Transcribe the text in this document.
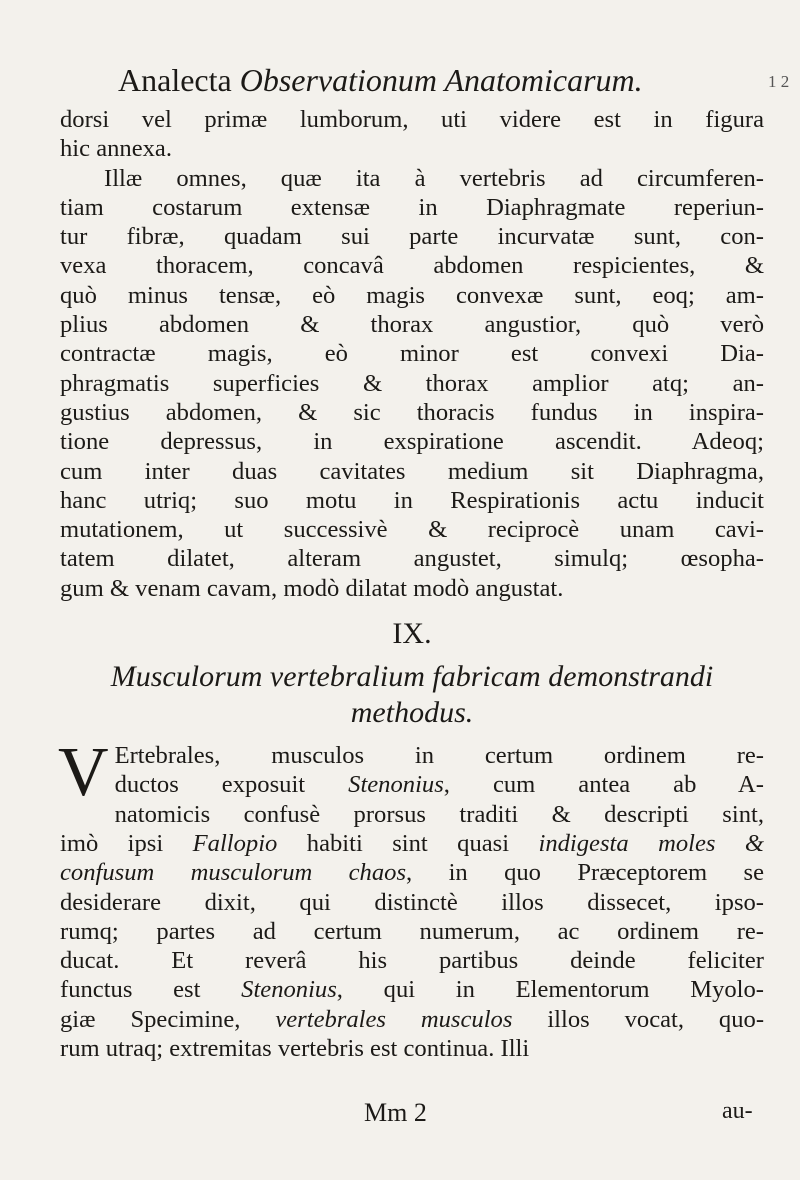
Analecta Observationum Anatomicarum.	1 2

dorsi vel primæ lumborum, uti videre est in figura
hic annexa.

Illæ omnes, quæ ita à vertebris ad circumferen-
tiam costarum extensæ in Diaphragmate reperiun-
tur fibræ, quadam sui parte incurvatæ sunt, con-
vexa thoracem, concavâ abdomen respicientes, &
quò minus tensæ, eò magis convexæ sunt, eoq; am-
plius abdomen & thorax angustior, quò verò
contractæ magis, eò minor est convexi Dia-
phragmatis superficies & thorax amplior atq; an-
gustius abdomen, & sic thoracis fundus in inspira-
tione depressus, in exspiratione ascendit. Adeoq;
cum inter duas cavitates medium sit Diaphragma,
hanc utriq; suo motu in Respirationis actu inducit
mutationem, ut successivè & reciprocè unam cavi-
tatem dilatet, alteram angustet, simulq; œsopha-
gum & venam cavam, modò dilatat modò angustat.

IX.
Musculorum vertebralium fabricam demonstrandi
methodus.

V Ertebrales, musculos in certum ordinem re-
ductos exposuit Stenonius, cum antea ab A-
natomicis confusè prorsus traditi & descripti sint,
imò ipsi Fallopio habiti sint quasi indigesta moles &
confusum musculorum chaos, in quo Præceptorem se
desiderare dixit, qui distinctè illos dissecet, ipso-
rumq; partes ad certum numerum, ac ordinem re-
ducat. Et reverâ his partibus deinde feliciter
functus est Stenonius, qui in Elementorum Myolo-
giæ Specimine, vertebrales musculos illos vocat, quo-
rum utraq; extremitas vertebris est continua. Illi

Mm 2	au-
